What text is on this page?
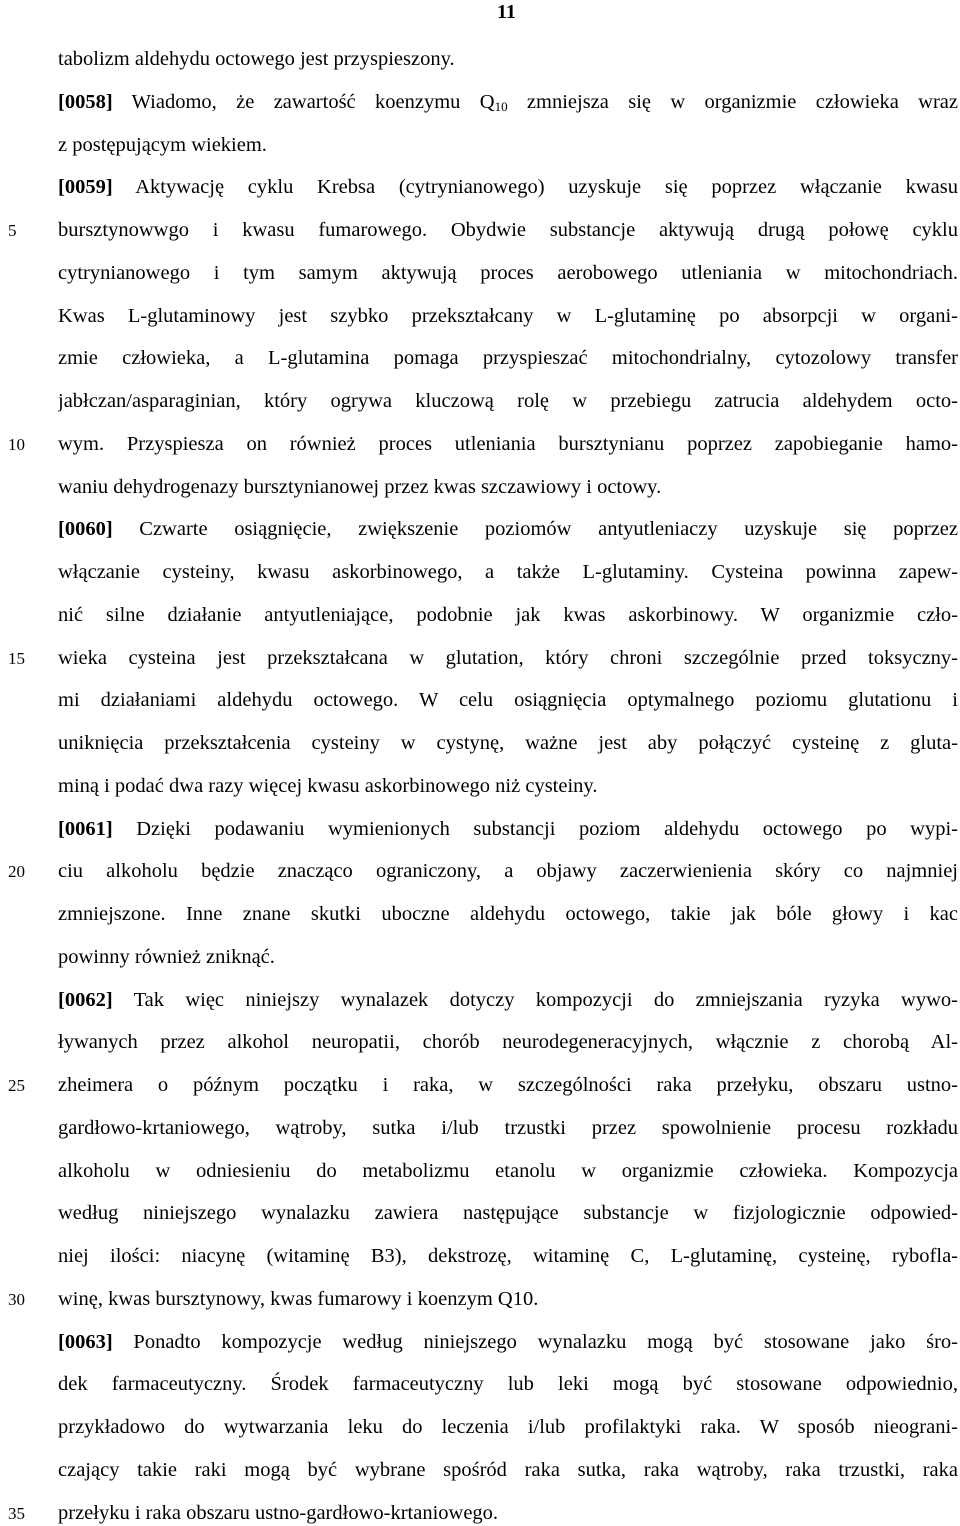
11
5
10
15
20
25
30
35
tabolizm aldehydu octowego jest przyspieszony.
[0058] Wiadomo, że zawartość koenzymu $Q_{10}$ zmniejsza się w organizmie człowieka wraz
z postępującym wiekiem.
[0059] Aktywację cyklu Krebsa (cytrynianowego) uzyskuje się poprzez włączanie kwasu
bursztynowwgo i kwasu fumarowego. Obydwie substancje aktywują drugą połowę cyklu
cytrynianowego i tym samym aktywują proces aerobowego utleniania w mitochondriach.
Kwas L-glutaminowy jest szybko przekształcany w L-glutaminę po absorpcji w organi-
zmie człowieka, a L-glutamina pomaga przyspieszać mitochondrialny, cytozolowy transfer
jabłczan/asparaginian, który ogrywa kluczową rolę w przebiegu zatrucia aldehydem octo-
wym. Przyspiesza on również proces utleniania bursztynianu poprzez zapobieganie hamo-
waniu dehydrogenazy bursztynianowej przez kwas szczawiowy i octowy.
[0060] Czwarte osiągnięcie, zwiększenie poziomów antyutleniaczy uzyskuje się poprzez
włączanie cysteiny, kwasu askorbinowego, a także L-glutaminy. Cysteina powinna zapew-
nić silne działanie antyutleniające, podobnie jak kwas askorbinowy. W organizmie czło-
wieka cysteina jest przekształcana w glutation, który chroni szczególnie przed toksyczny-
mi działaniami aldehydu octowego. W celu osiągnięcia optymalnego poziomu glutationu i
uniknięcia przekształcenia cysteiny w cystynę, ważne jest aby połączyć cysteinę z gluta-
miną i podać dwa razy więcej kwasu askorbinowego niż cysteiny.
[0061] Dzięki podawaniu wymienionych substancji poziom aldehydu octowego po wypi-
ciu alkoholu będzie znacząco ograniczony, a objawy zaczerwienienia skóry co najmniej
zmniejszone. Inne znane skutki uboczne aldehydu octowego, takie jak bóle głowy i kac
powinny również zniknąć.
[0062] Tak więc niniejszy wynalazek dotyczy kompozycji do zmniejszania ryzyka wywo-
ływanych przez alkohol neuropatii, chorób neurodegeneracyjnych, włącznie z chorobą Al-
zheimera o późnym początku i raka, w szczególności raka przełyku, obszaru ustno-
gardłowo-krtaniowego, wątroby, sutka i/lub trzustki przez spowolnienie procesu rozkładu
alkoholu w odniesieniu do metabolizmu etanolu w organizmie człowieka. Kompozycja
według niniejszego wynalazku zawiera następujące substancje w fizjologicznie odpowied-
niej ilości: niacynę (witaminę B3), dekstrozę, witaminę C, L-glutaminę, cysteinę, ryboflа-
winę, kwas bursztynowy, kwas fumarowy i koenzym Q10.
[0063] Ponadto kompozycje według niniejszego wynalazku mogą być stosowane jako śro-
dek farmaceutyczny. Środek farmaceutyczny lub leki mogą być stosowane odpowiednio,
przykładowo do wytwarzania leku do leczenia i/lub profilaktyki raka. W sposób nieograni-
czający takie raki mogą być wybrane spośród raka sutka, raka wątroby, raka trzustki, raka
przełyku i raka obszaru ustno-gardłowo-krtaniowego.
